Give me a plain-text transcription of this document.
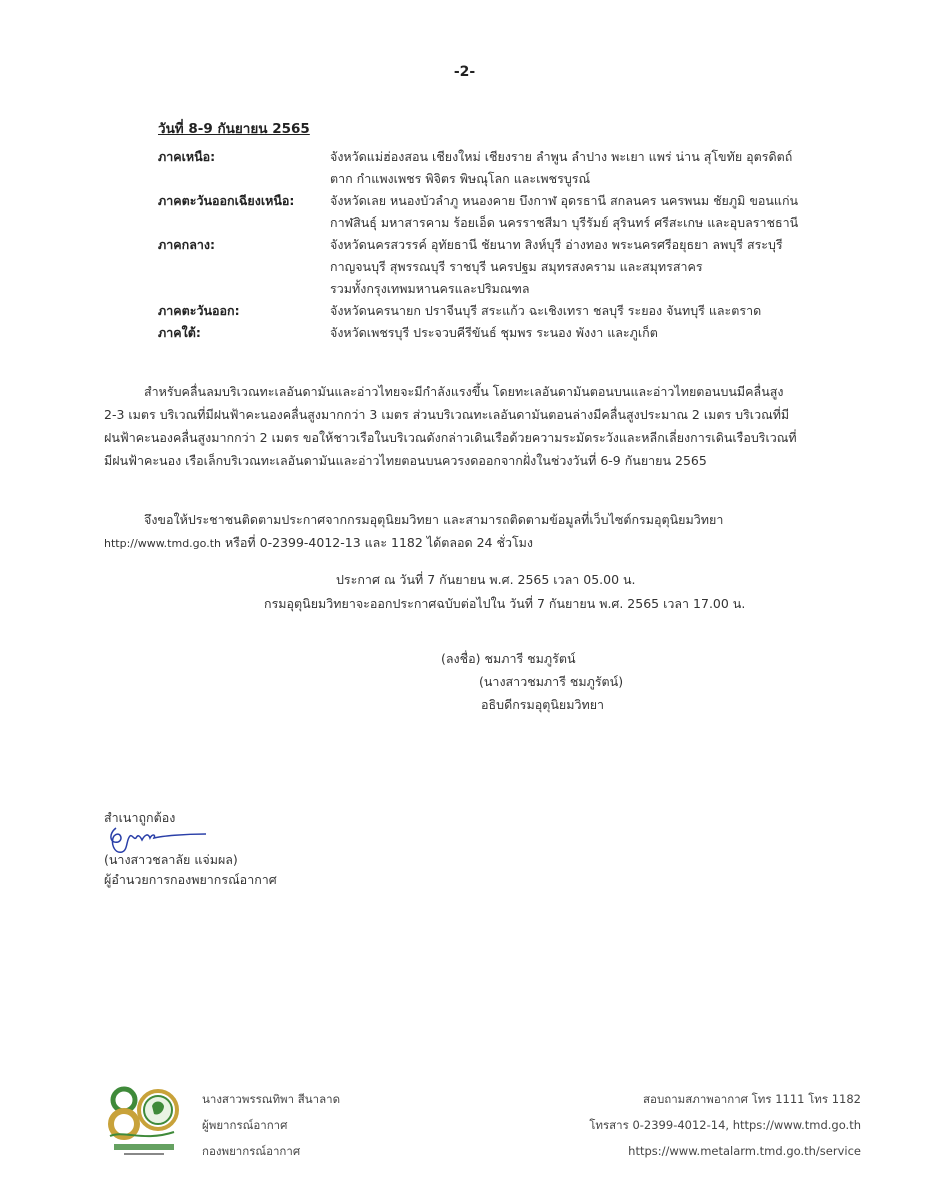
-2-
วันที่ 8-9 กันยายน 2565
ภาคเหนือ:	จังหวัดแม่ฮ่องสอน เชียงใหม่ เชียงราย ลำพูน ลำปาง พะเยา แพร่ น่าน สุโขทัย อุตรดิตถ์
ตาก กำแพงเพชร พิจิตร พิษณุโลก และเพชรบูรณ์
ภาคตะวันออกเฉียงเหนือ:	จังหวัดเลย หนองบัวลำภู หนองคาย บึงกาฬ อุดรธานี สกลนคร นครพนม ชัยภูมิ ขอนแก่น
กาฬสินธุ์ มหาสารคาม ร้อยเอ็ด นครราชสีมา บุรีรัมย์ สุรินทร์ ศรีสะเกษ และอุบลราชธานี
ภาคกลาง:	จังหวัดนครสวรรค์ อุทัยธานี ชัยนาท สิงห์บุรี อ่างทอง พระนครศรีอยุธยา ลพบุรี สระบุรี
กาญจนบุรี สุพรรณบุรี ราชบุรี นครปฐม สมุทรสงคราม และสมุทรสาคร
รวมทั้งกรุงเทพมหานครและปริมณฑล
ภาคตะวันออก:	จังหวัดนครนายก ปราจีนบุรี สระแก้ว ฉะเชิงเทรา ชลบุรี ระยอง จันทบุรี และตราด
ภาคใต้:	จังหวัดเพชรบุรี ประจวบคีรีขันธ์ ชุมพร ระนอง พังงา และภูเก็ต
สำหรับคลื่นลมบริเวณทะเลอันดามันและอ่าวไทยจะมีกำลังแรงขึ้น โดยทะเลอันดามันตอนบนและอ่าวไทยตอนบนมีคลื่นสูง
2-3 เมตร บริเวณที่มีฝนฟ้าคะนองคลื่นสูงมากกว่า 3 เมตร ส่วนบริเวณทะเลอันดามันตอนล่างมีคลื่นสูงประมาณ 2 เมตร บริเวณที่มี
ฝนฟ้าคะนองคลื่นสูงมากกว่า 2 เมตร ขอให้ชาวเรือในบริเวณดังกล่าวเดินเรือด้วยความระมัดระวังและหลีกเลี่ยงการเดินเรือบริเวณที่
มีฝนฟ้าคะนอง เรือเล็กบริเวณทะเลอันดามันและอ่าวไทยตอนบนควรงดออกจากฝั่งในช่วงวันที่ 6-9 กันยายน 2565
จึงขอให้ประชาชนติดตามประกาศจากกรมอุตุนิยมวิทยา และสามารถติดตามข้อมูลที่เว็บไซต์กรมอุตุนิยมวิทยา
http://www.tmd.go.th หรือที่ 0-2399-4012-13 และ 1182 ได้ตลอด 24 ชั่วโมง
ประกาศ ณ วันที่ 7 กันยายน พ.ศ. 2565 เวลา 05.00 น.
กรมอุตุนิยมวิทยาจะออกประกาศฉบับต่อไปใน วันที่ 7 กันยายน พ.ศ. 2565 เวลา 17.00 น.
(ลงชื่อ) ชมภารี ชมภูรัตน์
(นางสาวชมภารี ชมภูรัตน์)
อธิบดีกรมอุตุนิยมวิทยา
สำเนาถูกต้อง
(นางสาวชลาลัย แจ่มผล)
ผู้อำนวยการกองพยากรณ์อากาศ
นางสาวพรรณทิพา สีนาลาด
ผู้พยากรณ์อากาศ
กองพยากรณ์อากาศ
สอบถามสภาพอากาศ โทร 1111 โทร 1182
โทรสาร 0-2399-4012-14, https://www.tmd.go.th
https://www.metalarm.tmd.go.th/service
